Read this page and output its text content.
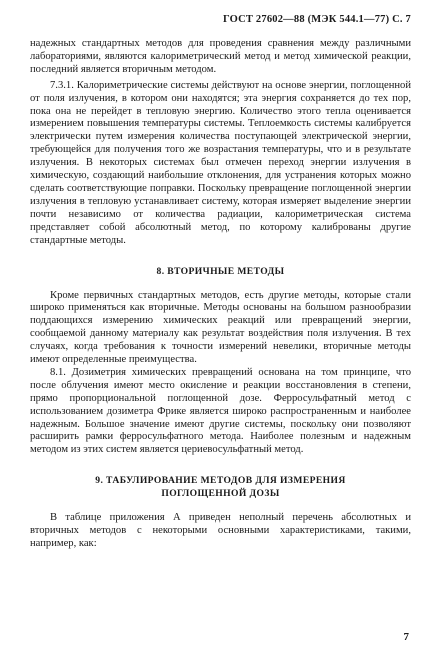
ГОСТ 27602—88 (МЭК 544.1—77) С. 7

надежных стандартных методов для проведения сравнения между различными лабораториями, являются калориметрический метод и метод химической реакции, последний является вторичным методом.

7.3.1. Калориметрические системы действуют на основе энергии, поглощенной от поля излучения, в котором они находятся; эта энергия сохраняется до тех пор, пока она не перейдет в тепловую энергию. Количество этого тепла оценивается измерением повышения температуры системы. Теплоемкость системы калибруется электрически путем измерения количества поступающей электрической энергии, требующейся для получения того же возрастания температуры, что и в результате излучения. В некоторых системах был отмечен переход энергии излучения в химическую, создающий наибольшие отклонения, для устранения которых можно сделать соответствующие поправки. Поскольку превращение поглощенной энергии излучения в тепловую устанавливает систему, которая измеряет выделение энергии почти независимо от количества радиации, калориметрическая система представляет собой абсолютный метод, по которому калиброваны другие стандартные методы.

8. ВТОРИЧНЫЕ МЕТОДЫ

Кроме первичных стандартных методов, есть другие методы, которые стали широко применяться как вторичные. Методы основаны на большом разнообразии поддающихся измерению химических реакций или превращений энергии, сообщаемой данному материалу как результат воздействия поля излучения. В тех случаях, когда требования к точности измерений невелики, вторичные методы имеют определенные преимущества.

8.1. Дозиметрия химических превращений основана на том принципе, что после облучения имеют место окисление и реакции восстановления в степени, прямо пропорциональной поглощенной дозе. Ферросульфатный метод с использованием дозиметра Фрике является широко распространенным и наиболее надежным. Большое значение имеют другие системы, поскольку они позволяют расширить рамки ферросульфатного метода. Наиболее полезным и надежным методом из этих систем является цериевосульфатный метод.

9. ТАБУЛИРОВАНИЕ МЕТОДОВ ДЛЯ ИЗМЕРЕНИЯ
ПОГЛОЩЕННОЙ ДОЗЫ

В таблице приложения А приведен неполный перечень абсолютных и вторичных методов с некоторыми основными характеристиками, такими, например, как:

7
